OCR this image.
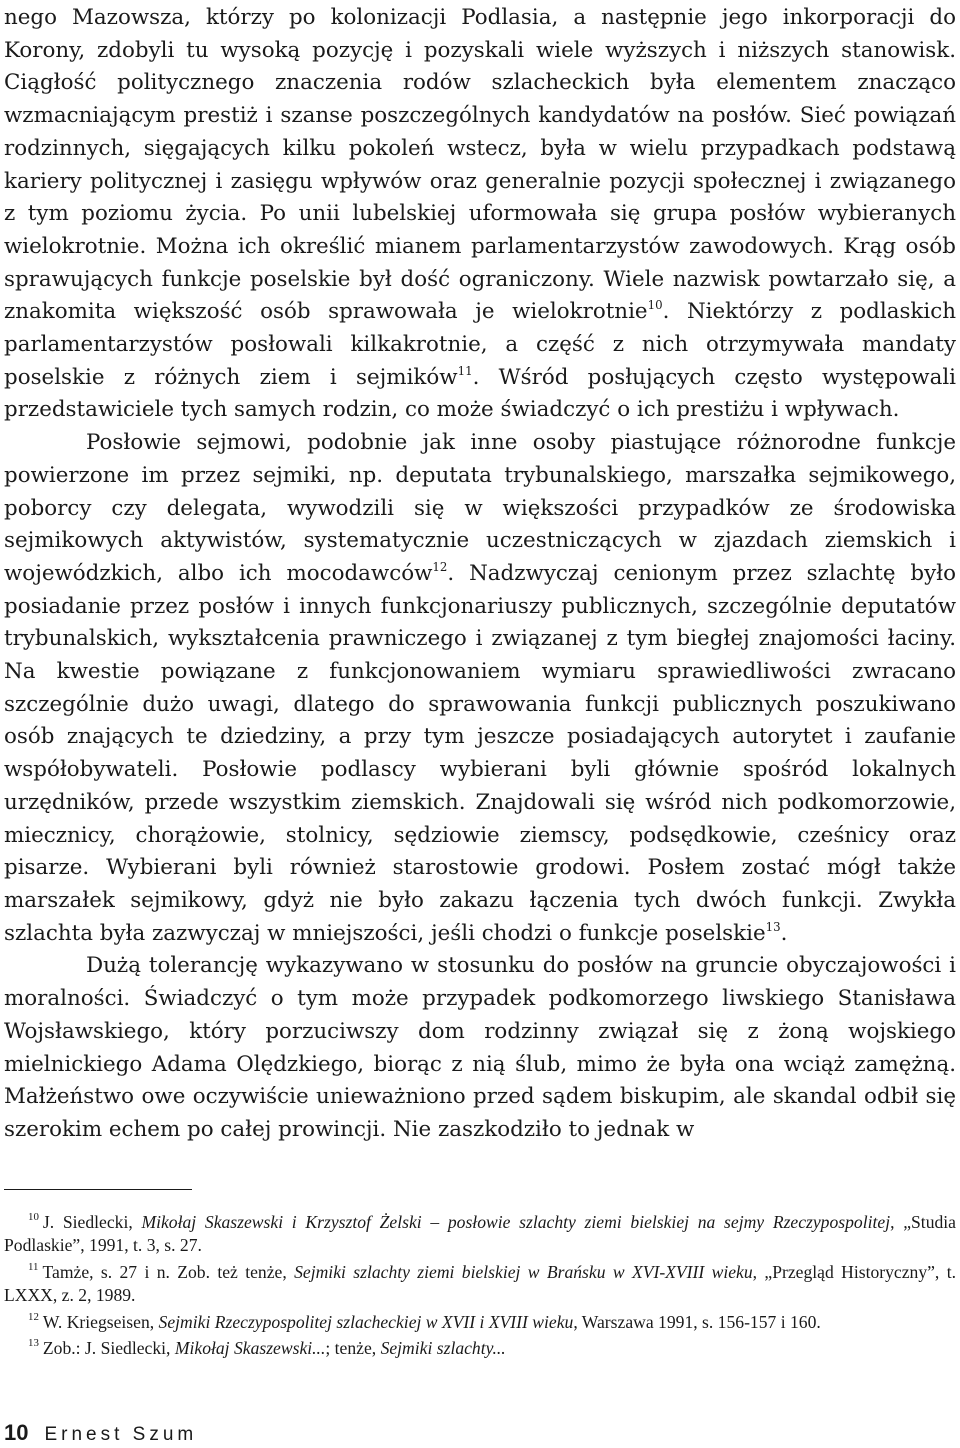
nego Mazowsza, którzy po kolonizacji Podlasia, a następnie jego inkorporacji do Korony, zdobyli tu wysoką pozycję i pozyskali wiele wyższych i niższych stanowisk. Ciągłość politycznego znaczenia rodów szlacheckich była elementem znacząco wzmacniającym prestiż i szanse poszczególnych kandydatów na posłów. Sieć powiązań rodzinnych, sięgających kilku pokoleń wstecz, była w wielu przypadkach podstawą kariery politycznej i zasięgu wpływów oraz generalnie pozycji społecznej i związanego z tym poziomu życia. Po unii lubelskiej uformowała się grupa posłów wybieranych wielokrotnie. Można ich określić mianem parlamentarzystów zawodowych. Krąg osób sprawujących funkcje poselskie był dość ograniczony. Wiele nazwisk powtarzało się, a znakomita większość osób sprawowała je wielokrotnie$^{10}$. Niektórzy z podlaskich parlamentarzystów posłowali kilkakrotnie, a część z nich otrzymywała mandaty poselskie z różnych ziem i sejmików$^{11}$. Wśród posłujących często występowali przedstawiciele tych samych rodzin, co może świadczyć o ich prestiżu i wpływach.

Posłowie sejmowi, podobnie jak inne osoby piastujące różnorodne funkcje powierzone im przez sejmiki, np. deputata trybunalskiego, marszałka sejmikowego, poborcy czy delegata, wywodzili się w większości przypadków ze środowiska sejmikowych aktywistów, systematycznie uczestniczących w zjazdach ziemskich i wojewódzkich, albo ich mocodawców$^{12}$. Nadzwyczaj cenionym przez szlachtę było posiadanie przez posłów i innych funkcjonariuszy publicznych, szczególnie deputatów trybunalskich, wykształcenia prawniczego i związanej z tym biegłej znajomości łaciny. Na kwestie powiązane z funkcjonowaniem wymiaru sprawiedliwości zwracano szczególnie dużo uwagi, dlatego do sprawowania funkcji publicznych poszukiwano osób znających te dziedziny, a przy tym jeszcze posiadających autorytet i zaufanie współobywateli. Posłowie podlascy wybierani byli głównie spośród lokalnych urzędników, przede wszystkim ziemskich. Znajdowali się wśród nich podkomorzowie, miecznicy, chorążowie, stolnicy, sędziowie ziemscy, podsędkowie, cześnicy oraz pisarze. Wybierani byli również starostowie grodowi. Posłem zostać mógł także marszałek sejmikowy, gdyż nie było zakazu łączenia tych dwóch funkcji. Zwykła szlachta była zazwyczaj w mniejszości, jeśli chodzi o funkcje poselskie$^{13}$.

Dużą tolerancję wykazywano w stosunku do posłów na gruncie obyczajowości i moralności. Świadczyć o tym może przypadek podkomorzego liwskiego Stanisława Wojsławskiego, który porzuciwszy dom rodzinny związał się z żoną wojskiego mielnickiego Adama Olędzkiego, biorąc z nią ślub, mimo że była ona wciąż zamężną. Małżeństwo owe oczywiście unieważniono przed sądem biskupim, ale skandal odbił się szerokim echem po całej prowincji. Nie zaszkodziło to jednak w

$^{10}$ J. Siedlecki, Mikołaj Skaszewski i Krzysztof Żelski – posłowie szlachty ziemi bielskiej na sejmy Rzeczypospolitej, „Studia Podlaskie”, 1991, t. 3, s. 27.

$^{11}$ Tamże, s. 27 i n. Zob. też tenże, Sejmiki szlachty ziemi bielskiej w Brańsku w XVI-XVIII wieku, „Przegląd Historyczny”, t. LXXX, z. 2, 1989.

$^{12}$ W. Kriegseisen, Sejmiki Rzeczypospolitej szlacheckiej w XVII i XVIII wieku, Warszawa 1991, s. 156-157 i 160.

$^{13}$ Zob.: J. Siedlecki, Mikołaj Skaszewski...; tenże, Sejmiki szlachty...

10 Ernest Szum
